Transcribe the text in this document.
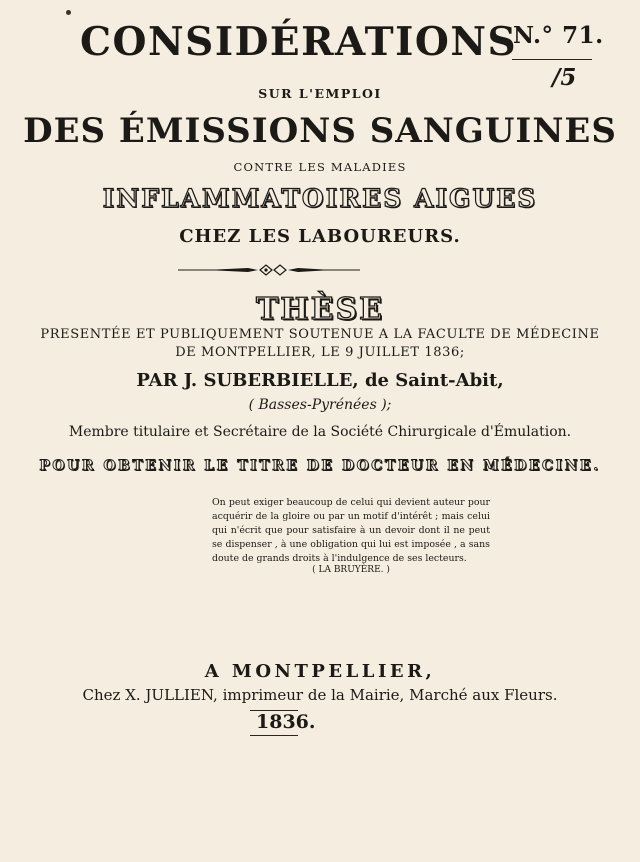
CONSIDÉRATIONS
N.° 71.
/5
SUR L'EMPLOI
DES ÉMISSIONS SANGUINES
CONTRE LES MALADIES
INFLAMMATOIRES AIGUES
CHEZ LES LABOUREURS.
THÈSE
PRESENTÉE ET PUBLIQUEMENT SOUTENUE A LA FACULTE DE MÉDECINE
DE MONTPELLIER, LE 9 JUILLET 1836;
PAR J. SUBERBIELLE, de Saint-Abit,
( Basses-Pyrénées );
Membre titulaire et Secrétaire de la Société Chirurgicale d'Émulation.
POUR OBTENIR LE TITRE DE DOCTEUR EN MÉDECINE.
On peut exiger beaucoup de celui qui devient auteur pour acquérir de la gloire ou par un motif d'intérêt ; mais celui qui n'écrit que pour satisfaire à un devoir dont il ne peut se dispenser , à une obligation qui lui est imposée , a sans doute de grands droits à l'indulgence de ses lecteurs.
( LA BRUYÈRE. )
A MONTPELLIER,
Chez X. JULLIEN, imprimeur de la Mairie, Marché aux Fleurs.
1836.
